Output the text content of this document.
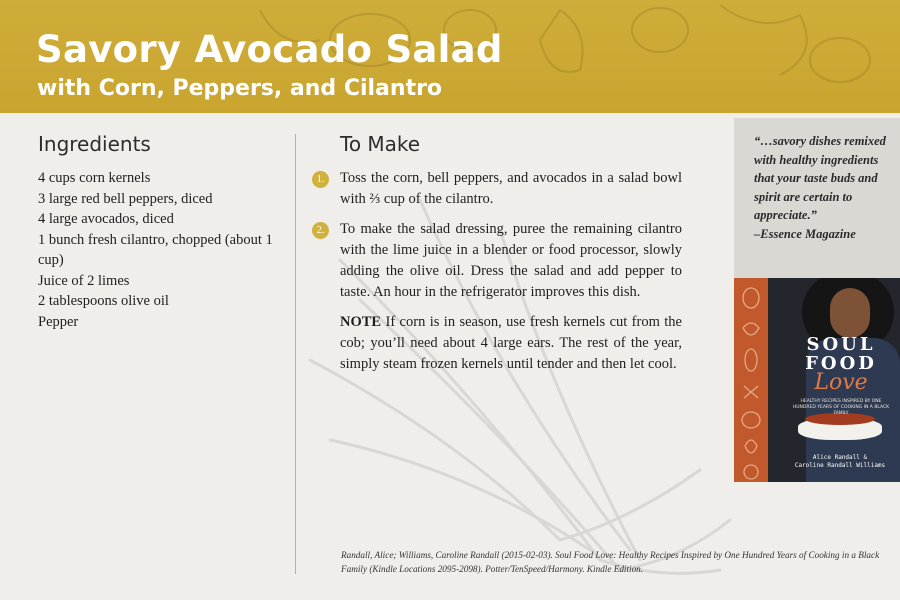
Savory Avocado Salad
with Corn, Peppers, and Cilantro
Ingredients
4 cups corn kernels
3 large red bell peppers, diced
4 large avocados, diced
1 bunch fresh cilantro, chopped (about 1 cup)
Juice of 2 limes
2 tablespoons olive oil
Pepper
To Make
1.	Toss the corn, bell peppers, and avocados in a salad bowl with ⅔ cup of the cilantro.

2.	To make the salad dressing, puree the remaining cilantro with the lime juice in a blender or food processor, slowly adding the olive oil. Dress the salad and add pepper to taste. An hour in the refrigerator improves this dish.

NOTE If corn is in season, use fresh kernels cut from the cob; you’ll need about 4 large ears. The rest of the year, simply steam frozen kernels until tender and then let cool.

“…savory dishes remixed with healthy ingredients that your taste buds and spirit are certain to appreciate.”
–Essence Magazine

SOUL

FOOD

Love

HEALTHY RECIPES INSPIRED BY ONE HUNDRED YEARS OF COOKING IN A BLACK FAMILY

Alice Randall &
Caroline Randall Williams

Randall, Alice; Williams, Caroline Randall (2015-02-03). Soul Food Love: Healthy Recipes Inspired by One Hundred Years of Cooking in a Black Family (Kindle Locations 2095-2098). Potter/TenSpeed/Harmony. Kindle Edition.
